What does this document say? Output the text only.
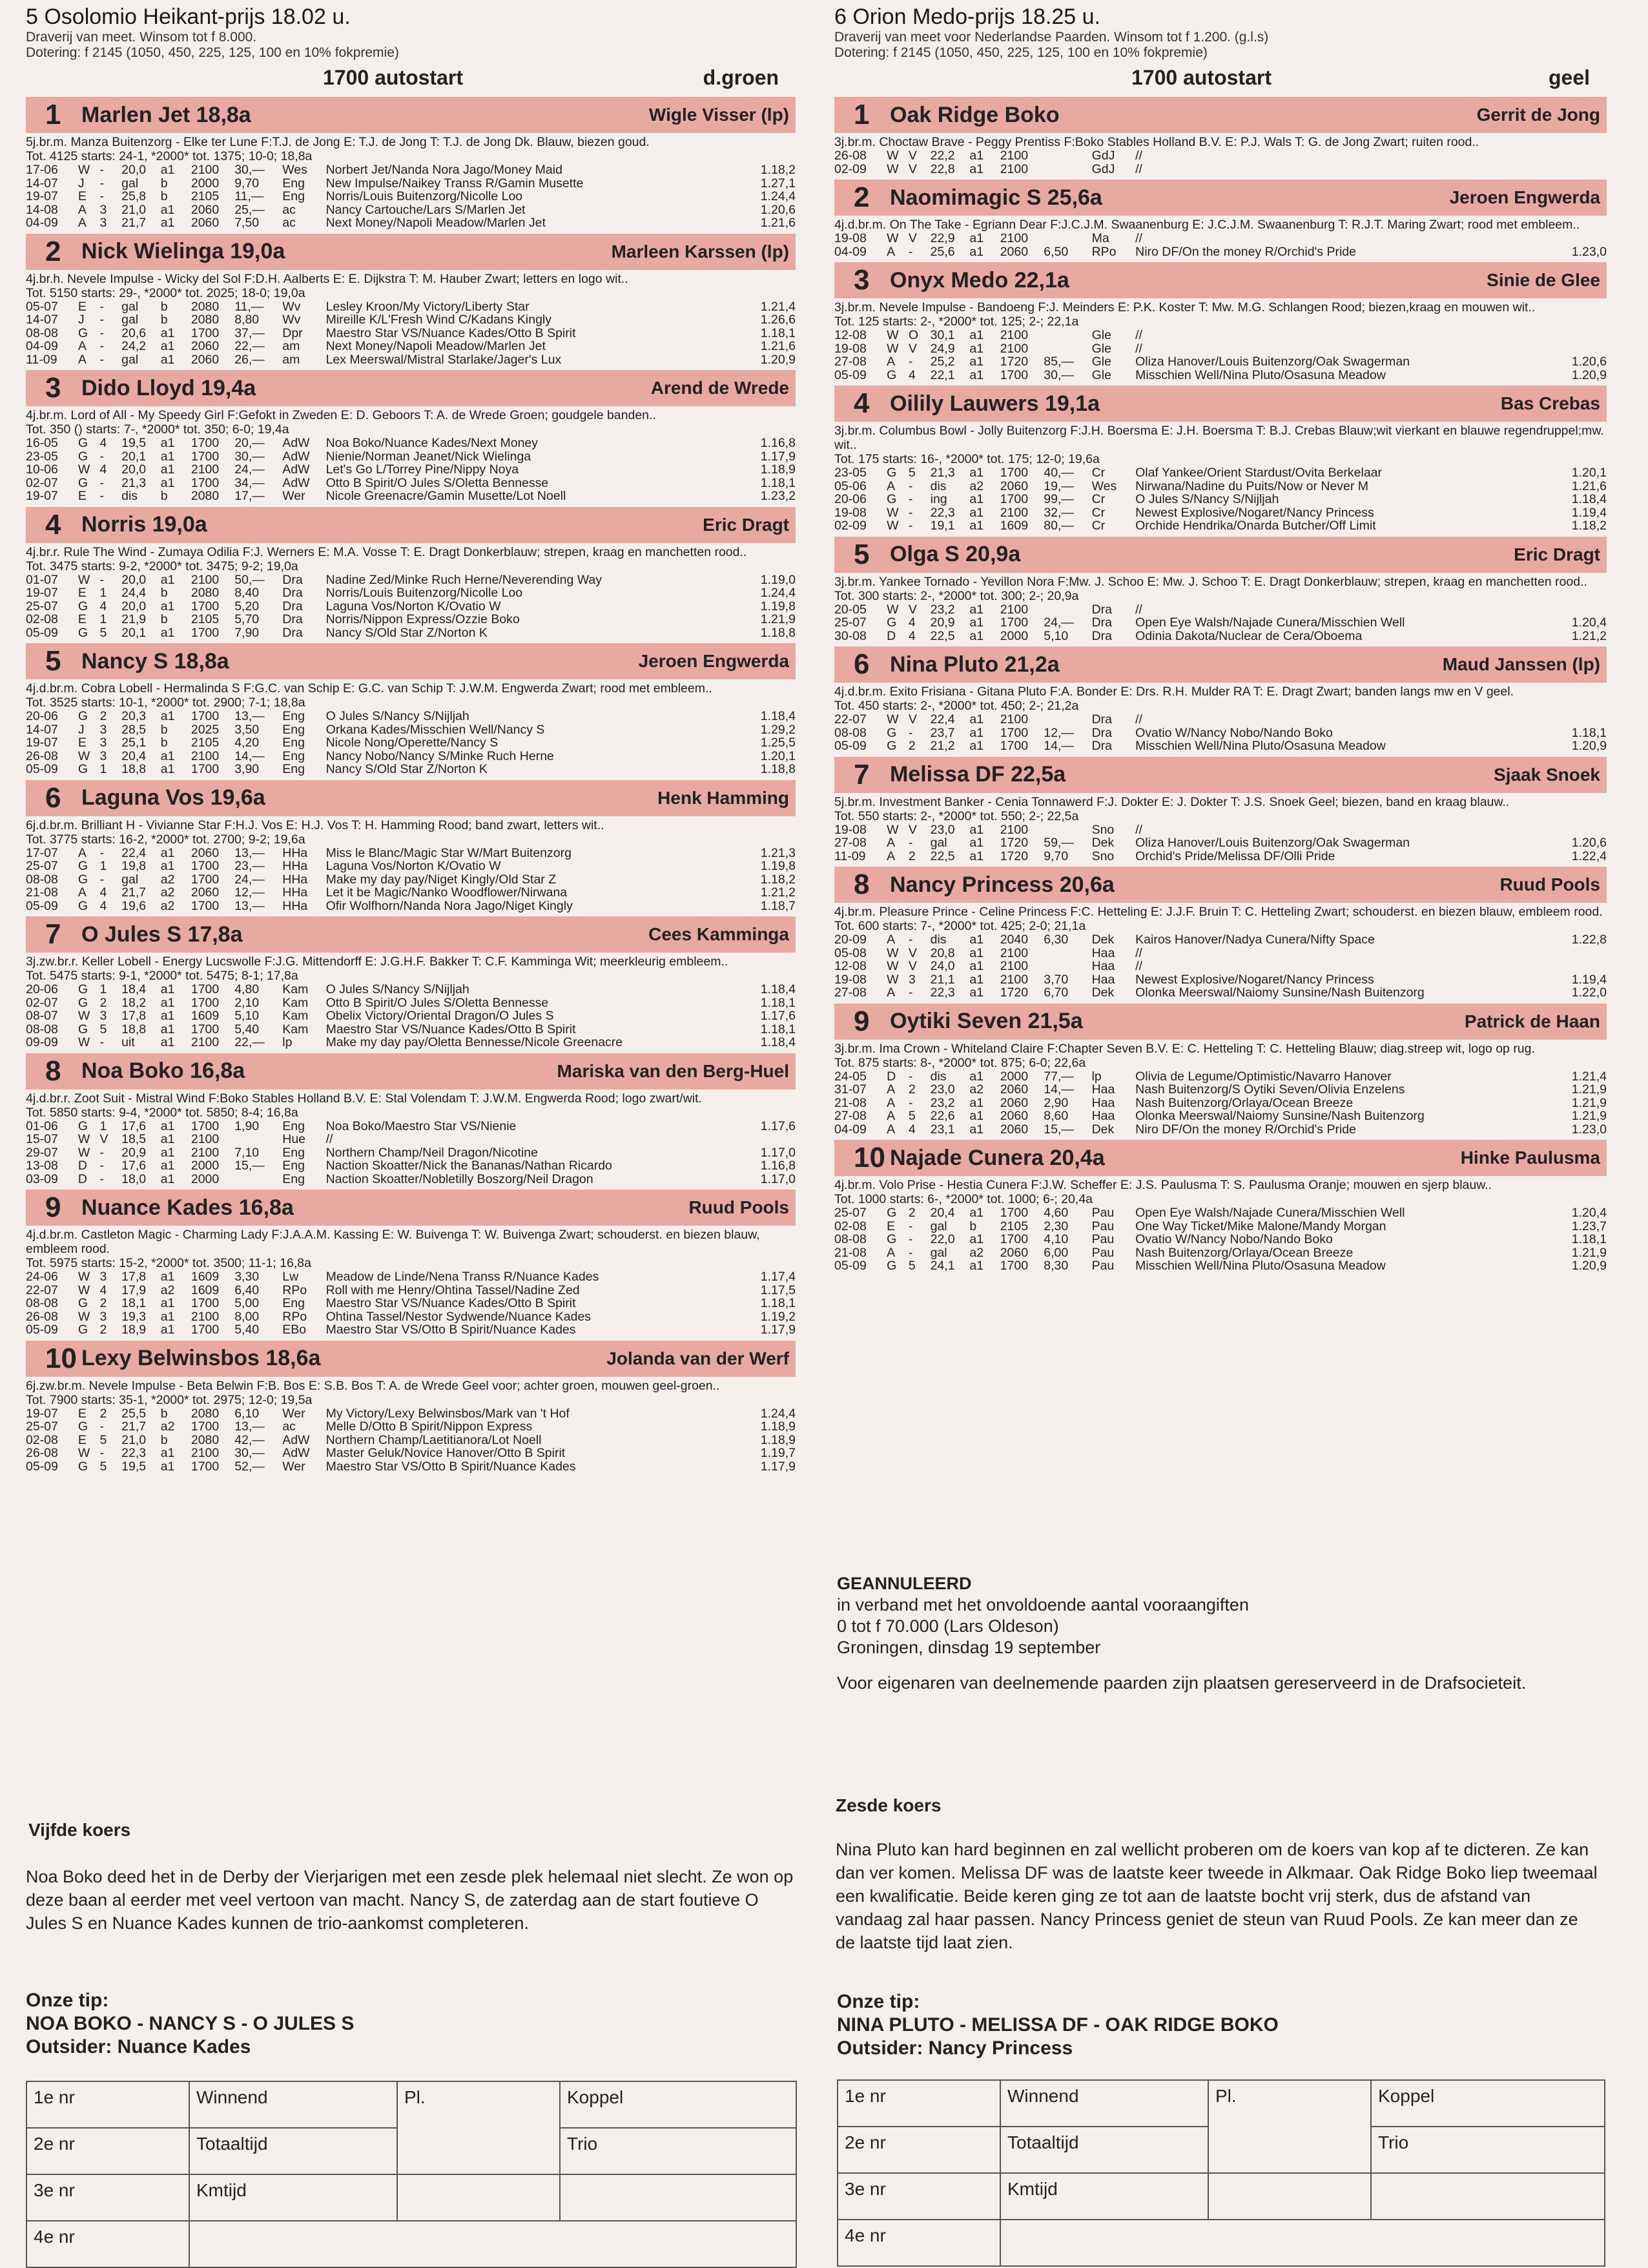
5 Osolomio Heikant-prijs 18.02 u.
Draverij van meet. Winsom tot f 8.000.
Dotering: f 2145 (1050, 450, 225, 125, 100 en 10% fokpremie)
1700 autostart	d.groen
1 Marlen Jet 18,8a	Wigle Visser (lp)
5j.br.m. Manza Buitenzorg - Elke ter Lune F:T.J. de Jong E: T.J. de Jong T: T.J. de Jong Dk. Blauw, biezen goud.
Tot. 4125 starts: 24-1, *2000* tot. 1375; 10-0; 18,8a
17-06	W	-	20,0	a1	2100	30,—	Wes	Norbert Jet/Nanda Nora Jago/Money Maid	1.18,2
14-07	J	-	gal	b	2000	9,70	Eng	New Impulse/Naikey Transs R/Gamin Musette	1.27,1
19-07	E	-	25,8	b	2105	11,—	Eng	Norris/Louis Buitenzorg/Nicolle Loo	1.24,4
14-08	A	3	21,0	a1	2060	25,—	ac	Nancy Cartouche/Lars S/Marlen Jet	1.20,6
04-09	A	3	21,7	a1	2060	7,50	ac	Next Money/Napoli Meadow/Marlen Jet	1.21,6
2 Nick Wielinga 19,0a	Marleen Karssen (lp)
4j.br.h. Nevele Impulse - Wicky del Sol F:D.H. Aalberts E: E. Dijkstra T: M. Hauber Zwart; letters en logo wit..
Tot. 5150 starts: 29-, *2000* tot. 2025; 18-0; 19,0a
05-07	E	-	gal	b	2080	11,—	Wv	Lesley Kroon/My Victory/Liberty Star	1.21,4
14-07	J	-	gal	b	2080	8,80	Wv	Mireille K/L'Fresh Wind C/Kadans Kingly	1.26,6
08-08	G	-	20,6	a1	1700	37,—	Dpr	Maestro Star VS/Nuance Kades/Otto B Spirit	1.18,1
04-09	A	-	24,2	a1	2060	22,—	am	Next Money/Napoli Meadow/Marlen Jet	1.21,6
11-09	A	-	gal	a1	2060	26,—	am	Lex Meerswal/Mistral Starlake/Jager's Lux	1.20,9
3 Dido Lloyd 19,4a	Arend de Wrede
4j.br.m. Lord of All - My Speedy Girl F:Gefokt in Zweden E: D. Geboors T: A. de Wrede Groen; goudgele banden..
Tot. 350 () starts: 7-, *2000* tot. 350; 6-0; 19,4a
16-05	G	4	19,5	a1	1700	20,—	AdW	Noa Boko/Nuance Kades/Next Money	1.16,8
23-05	G	-	20,1	a1	1700	30,—	AdW	Nienie/Norman Jeanet/Nick Wielinga	1.17,9
10-06	W	4	20,0	a1	2100	24,—	AdW	Let's Go L/Torrey Pine/Nippy Noya	1.18,9
02-07	G	-	21,3	a1	1700	34,—	AdW	Otto B Spirit/O Jules S/Oletta Bennesse	1.18,1
19-07	E	-	dis	b	2080	17,—	Wer	Nicole Greenacre/Gamin Musette/Lot Noell	1.23,2
4 Norris 19,0a	Eric Dragt
4j.br.r. Rule The Wind - Zumaya Odilia F:J. Werners E: M.A. Vosse T: E. Dragt Donkerblauw; strepen, kraag en manchetten rood..
Tot. 3475 starts: 9-2, *2000* tot. 3475; 9-2; 19,0a
01-07	W	-	20,0	a1	2100	50,—	Dra	Nadine Zed/Minke Ruch Herne/Neverending Way	1.19,0
19-07	E	1	24,4	b	2080	8,40	Dra	Norris/Louis Buitenzorg/Nicolle Loo	1.24,4
25-07	G	4	20,0	a1	1700	5,20	Dra	Laguna Vos/Norton K/Ovatio W	1.19,8
02-08	E	1	21,9	b	2105	5,70	Dra	Norris/Nippon Express/Ozzie Boko	1.21,9
05-09	G	5	20,1	a1	1700	7,90	Dra	Nancy S/Old Star Z/Norton K	1.18,8
5 Nancy S 18,8a	Jeroen Engwerda
4j.d.br.m. Cobra Lobell - Hermalinda S F:G.C. van Schip E: G.C. van Schip T: J.W.M. Engwerda Zwart; rood met embleem..
Tot. 3525 starts: 10-1, *2000* tot. 2900; 7-1; 18,8a
20-06	G	2	20,3	a1	1700	13,—	Eng	O Jules S/Nancy S/Nijljah	1.18,4
14-07	J	3	28,5	b	2025	3,50	Eng	Orkana Kades/Misschien Well/Nancy S	1.29,2
19-07	E	3	25,1	b	2105	4,20	Eng	Nicole Nong/Operette/Nancy S	1.25,5
26-08	W	3	20,4	a1	2100	14,—	Eng	Nancy Nobo/Nancy S/Minke Ruch Herne	1.20,1
05-09	G	1	18,8	a1	1700	3,90	Eng	Nancy S/Old Star Z/Norton K	1.18,8
6 Laguna Vos 19,6a	Henk Hamming
6j.d.br.m. Brilliant H - Vivianne Star F:H.J. Vos E: H.J. Vos T: H. Hamming Rood; band zwart, letters wit..
Tot. 3775 starts: 16-2, *2000* tot. 2700; 9-2; 19,6a
17-07	A	-	22,4	a1	2060	13,—	HHa	Miss le Blanc/Magic Star W/Mart Buitenzorg	1.21,3
25-07	G	1	19,8	a1	1700	23,—	HHa	Laguna Vos/Norton K/Ovatio W	1.19,8
08-08	G	-	gal	a2	1700	24,—	HHa	Make my day pay/Niget Kingly/Old Star Z	1.18,2
21-08	A	4	21,7	a2	2060	12,—	HHa	Let it be Magic/Nanko Woodflower/Nirwana	1.21,2
05-09	G	4	19,6	a2	1700	13,—	HHa	Ofir Wolfhorn/Nanda Nora Jago/Niget Kingly	1.18,7
7 O Jules S 17,8a	Cees Kamminga
3j.zw.br.r. Keller Lobell - Energy Lucswolle F:J.G. Mittendorff E: J.G.H.F. Bakker T: C.F. Kamminga Wit; meerkleurig embleem..
Tot. 5475 starts: 9-1, *2000* tot. 5475; 8-1; 17,8a
20-06	G	1	18,4	a1	1700	4,80	Kam	O Jules S/Nancy S/Nijljah	1.18,4
02-07	G	2	18,2	a1	1700	2,10	Kam	Otto B Spirit/O Jules S/Oletta Bennesse	1.18,1
08-07	W	3	17,8	a1	1609	5,10	Kam	Obelix Victory/Oriental Dragon/O Jules S	1.17,6
08-08	G	5	18,8	a1	1700	5,40	Kam	Maestro Star VS/Nuance Kades/Otto B Spirit	1.18,1
09-09	W	-	uit	a1	2100	22,—	lp	Make my day pay/Oletta Bennesse/Nicole Greenacre	1.18,4
8 Noa Boko 16,8a	Mariska van den Berg-Huel
4j.d.br.r. Zoot Suit - Mistral Wind F:Boko Stables Holland B.V. E: Stal Volendam T: J.W.M. Engwerda Rood; logo zwart/wit.
Tot. 5850 starts: 9-4, *2000* tot. 5850; 8-4; 16,8a
01-06	G	1	17,6	a1	1700	1,90	Eng	Noa Boko/Maestro Star VS/Nienie	1.17,6
15-07	W	V	18,5	a1	2100		Hue	//	
29-07	W	-	20,9	a1	2100	7,10	Eng	Northern Champ/Neil Dragon/Nicotine	1.17,0
13-08	D	-	17,6	a1	2000	15,—	Eng	Naction Skoatter/Nick the Bananas/Nathan Ricardo	1.16,8
03-09	D	-	18,0	a1	2000		Eng	Naction Skoatter/Nobletilly Boszorg/Neil Dragon	1.17,0
9 Nuance Kades 16,8a	Ruud Pools
4j.d.br.m. Castleton Magic - Charming Lady F:J.A.A.M. Kassing E: W. Buivenga T: W. Buivenga Zwart; schouderst. en biezen blauw, embleem rood.
Tot. 5975 starts: 15-2, *2000* tot. 3500; 11-1; 16,8a
24-06	W	3	17,8	a1	1609	3,30	Lw	Meadow de Linde/Nena Transs R/Nuance Kades	1.17,4
22-07	W	4	17,9	a2	1609	6,40	RPo	Roll with me Henry/Ohtina Tassel/Nadine Zed	1.17,5
08-08	G	2	18,1	a1	1700	5,00	Eng	Maestro Star VS/Nuance Kades/Otto B Spirit	1.18,1
26-08	W	3	19,3	a1	2100	8,00	RPo	Ohtina Tassel/Nestor Sydwende/Nuance Kades	1.19,2
05-09	G	2	18,9	a1	1700	5,40	EBo	Maestro Star VS/Otto B Spirit/Nuance Kades	1.17,9
10 Lexy Belwinsbos 18,6a	Jolanda van der Werf
6j.zw.br.m. Nevele Impulse - Beta Belwin F:B. Bos E: S.B. Bos T: A. de Wrede Geel voor; achter groen, mouwen geel-groen..
Tot. 7900 starts: 35-1, *2000* tot. 2975; 12-0; 19,5a
19-07	E	2	25,5	b	2080	6,10	Wer	My Victory/Lexy Belwinsbos/Mark van 't Hof	1.24,4
25-07	G	-	21,7	a2	1700	13,—	ac	Melle D/Otto B Spirit/Nippon Express	1.18,9
02-08	E	5	21,0	b	2080	42,—	AdW	Northern Champ/Laetitianora/Lot Noell	1.18,9
26-08	W	-	22,3	a1	2100	30,—	AdW	Master Geluk/Novice Hanover/Otto B Spirit	1.19,7
05-09	G	5	19,5	a1	1700	52,—	Wer	Maestro Star VS/Otto B Spirit/Nuance Kades	1.17,9
6 Orion Medo-prijs 18.25 u.
Draverij van meet voor Nederlandse Paarden. Winsom tot f 1.200. (g.l.s)
Dotering: f 2145 (1050, 450, 225, 125, 100 en 10% fokpremie)
1700 autostart	geel
1 Oak Ridge Boko	Gerrit de Jong
3j.br.m. Choctaw Brave - Peggy Prentiss F:Boko Stables Holland B.V. E: P.J. Wals T: G. de Jong Zwart; ruiten rood..
26-08	W	V	22,2	a1	2100		GdJ	//	
02-09	W	V	22,8	a1	2100		GdJ	//	
2 Naomimagic S 25,6a	Jeroen Engwerda
4j.d.br.m. On The Take - Egriann Dear F:J.C.J.M. Swaanenburg E: J.C.J.M. Swaanenburg T: R.J.T. Maring Zwart; rood met embleem..
19-08	W	V	22,9	a1	2100		Ma	//	
04-09	A	-	25,6	a1	2060	6,50	RPo	Niro DF/On the money R/Orchid's Pride	1.23,0
3 Onyx Medo 22,1a	Sinie de Glee
3j.br.m. Nevele Impulse - Bandoeng F:J. Meinders E: P.K. Koster T: Mw. M.G. Schlangen Rood; biezen,kraag en mouwen wit..
Tot. 125 starts: 2-, *2000* tot. 125; 2-; 22,1a
12-08	W	O	30,1	a1	2100		Gle	//	
19-08	W	V	24,9	a1	2100		Gle	//	
27-08	A	-	25,2	a1	1720	85,—	Gle	Oliza Hanover/Louis Buitenzorg/Oak Swagerman	1.20,6
05-09	G	4	22,1	a1	1700	30,—	Gle	Misschien Well/Nina Pluto/Osasuna Meadow	1.20,9
4 Oilily Lauwers 19,1a	Bas Crebas
3j.br.m. Columbus Bowl - Jolly Buitenzorg F:J.H. Boersma E: J.H. Boersma T: B.J. Crebas Blauw;wit vierkant en blauwe regendruppel;mw. wit..
Tot. 175 starts: 16-, *2000* tot. 175; 12-0; 19,6a
23-05	G	5	21,3	a1	1700	40,—	Cr	Olaf Yankee/Orient Stardust/Ovita Berkelaar	1.20,1
05-06	A	-	dis	a2	2060	19,—	Wes	Nirwana/Nadine du Puits/Now or Never M	1.21,6
20-06	G	-	ing	a1	1700	99,—	Cr	O Jules S/Nancy S/Nijljah	1.18,4
19-08	W	-	22,3	a1	2100	32,—	Cr	Newest Explosive/Nogaret/Nancy Princess	1.19,4
02-09	W	-	19,1	a1	1609	80,—	Cr	Orchide Hendrika/Onarda Butcher/Off Limit	1.18,2
5 Olga S 20,9a	Eric Dragt
3j.br.m. Yankee Tornado - Yevillon Nora F:Mw. J. Schoo E: Mw. J. Schoo T: E. Dragt Donkerblauw; strepen, kraag en manchetten rood..
Tot. 300 starts: 2-, *2000* tot. 300; 2-; 20,9a
20-05	W	V	23,2	a1	2100		Dra	//	
25-07	G	4	20,9	a1	1700	24,—	Dra	Open Eye Walsh/Najade Cunera/Misschien Well	1.20,4
30-08	D	4	22,5	a1	2000	5,10	Dra	Odinia Dakota/Nuclear de Cera/Oboema	1.21,2
6 Nina Pluto 21,2a	Maud Janssen (lp)
4j.d.br.m. Exito Frisiana - Gitana Pluto F:A. Bonder E: Drs. R.H. Mulder RA T: E. Dragt Zwart; banden langs mw en V geel.
Tot. 450 starts: 2-, *2000* tot. 450; 2-; 21,2a
22-07	W	V	22,4	a1	2100		Dra	//	
08-08	G	-	23,7	a1	1700	12,—	Dra	Ovatio W/Nancy Nobo/Nando Boko	1.18,1
05-09	G	2	21,2	a1	1700	14,—	Dra	Misschien Well/Nina Pluto/Osasuna Meadow	1.20,9
7 Melissa DF 22,5a	Sjaak Snoek
5j.br.m. Investment Banker - Cenia Tonnawerd F:J. Dokter E: J. Dokter T: J.S. Snoek Geel; biezen, band en kraag blauw..
Tot. 550 starts: 2-, *2000* tot. 550; 2-; 22,5a
19-08	W	V	23,0	a1	2100		Sno	//	
27-08	A	-	gal	a1	1720	59,—	Dek	Oliza Hanover/Louis Buitenzorg/Oak Swagerman	1.20,6
11-09	A	2	22,5	a1	1720	9,70	Sno	Orchid's Pride/Melissa DF/Olli Pride	1.22,4
8 Nancy Princess 20,6a	Ruud Pools
4j.br.m. Pleasure Prince - Celine Princess F:C. Hetteling E: J.J.F. Bruin T: C. Hetteling Zwart; schouderst. en biezen blauw, embleem rood.
Tot. 600 starts: 7-, *2000* tot. 425; 2-0; 21,1a
20-09	A	-	dis	a1	2040	6,30	Dek	Kairos Hanover/Nadya Cunera/Nifty Space	1.22,8
05-08	W	V	20,8	a1	2100		Haa	//	
12-08	W	V	24,0	a1	2100		Haa	//	
19-08	W	3	21,1	a1	2100	3,70	Haa	Newest Explosive/Nogaret/Nancy Princess	1.19,4
27-08	A	-	22,3	a1	1720	6,70	Dek	Olonka Meerswal/Naiomy Sunsine/Nash Buitenzorg	1.22,0
9 Oytiki Seven 21,5a	Patrick de Haan
3j.br.m. Ima Crown - Whiteland Claire F:Chapter Seven B.V. E: C. Hetteling T: C. Hetteling Blauw; diag.streep wit, logo op rug.
Tot. 875 starts: 8-, *2000* tot. 875; 6-0; 22,6a
24-05	D	-	dis	a1	2000	77,—	lp	Olivia de Legume/Optimistic/Navarro Hanover	1.21,4
31-07	A	2	23,0	a2	2060	14,—	Haa	Nash Buitenzorg/S Oytiki Seven/Olivia Enzelens	1.21,9
21-08	A	-	23,2	a1	2060	2,90	Haa	Nash Buitenzorg/Orlaya/Ocean Breeze	1.21,9
27-08	A	5	22,6	a1	2060	8,60	Haa	Olonka Meerswal/Naiomy Sunsine/Nash Buitenzorg	1.21,9
04-09	A	4	23,1	a1	2060	15,—	Dek	Niro DF/On the money R/Orchid's Pride	1.23,0
10 Najade Cunera 20,4a	Hinke Paulusma
4j.br.m. Volo Prise - Hestia Cunera F:J.W. Scheffer E: J.S. Paulusma T: S. Paulusma Oranje; mouwen en sjerp blauw..
Tot. 1000 starts: 6-, *2000* tot. 1000; 6-; 20,4a
25-07	G	2	20,4	a1	1700	4,60	Pau	Open Eye Walsh/Najade Cunera/Misschien Well	1.20,4
02-08	E	-	gal	b	2105	2,30	Pau	One Way Ticket/Mike Malone/Mandy Morgan	1.23,7
08-08	G	-	22,0	a1	1700	4,10	Pau	Ovatio W/Nancy Nobo/Nando Boko	1.18,1
21-08	A	-	gal	a2	2060	6,00	Pau	Nash Buitenzorg/Orlaya/Ocean Breeze	1.21,9
05-09	G	5	24,1	a1	1700	8,30	Pau	Misschien Well/Nina Pluto/Osasuna Meadow	1.20,9
GEANNULEERD
in verband met het onvoldoende aantal vooraangiften
0 tot f 70.000 (Lars Oldeson)
Groningen, dinsdag 19 september
Voor eigenaren van deelnemende paarden zijn plaatsen gereserveerd in de Drafsocieteit.
Vijfde koers
Noa Boko deed het in de Derby der Vierjarigen met een zesde plek helemaal niet slecht. Ze won op deze baan al eerder met veel vertoon van macht. Nancy S, de zaterdag aan de start foutieve O Jules S en Nuance Kades kunnen de trio-aankomst completeren.
Onze tip:
NOA BOKO - NANCY S - O JULES S
Outsider: Nuance Kades
Zesde koers
Nina Pluto kan hard beginnen en zal wellicht proberen om de koers van kop af te dicteren. Ze kan dan ver komen. Melissa DF was de laatste keer tweede in Alkmaar. Oak Ridge Boko liep tweemaal een kwalificatie. Beide keren ging ze tot aan de laatste bocht vrij sterk, dus de afstand van vandaag zal haar passen. Nancy Princess geniet de steun van Ruud Pools. Ze kan meer dan ze de laatste tijd laat zien.
Onze tip:
NINA PLUTO - MELISSA DF - OAK RIDGE BOKO
Outsider: Nancy Princess
1e nr	Winnend	Pl.	Koppel
2e nr	Totaaltijd		Trio
3e nr	Kmtijd		
4e nr			
1e nr	Winnend	Pl.	Koppel
2e nr	Totaaltijd		Trio
3e nr	Kmtijd		
4e nr			
